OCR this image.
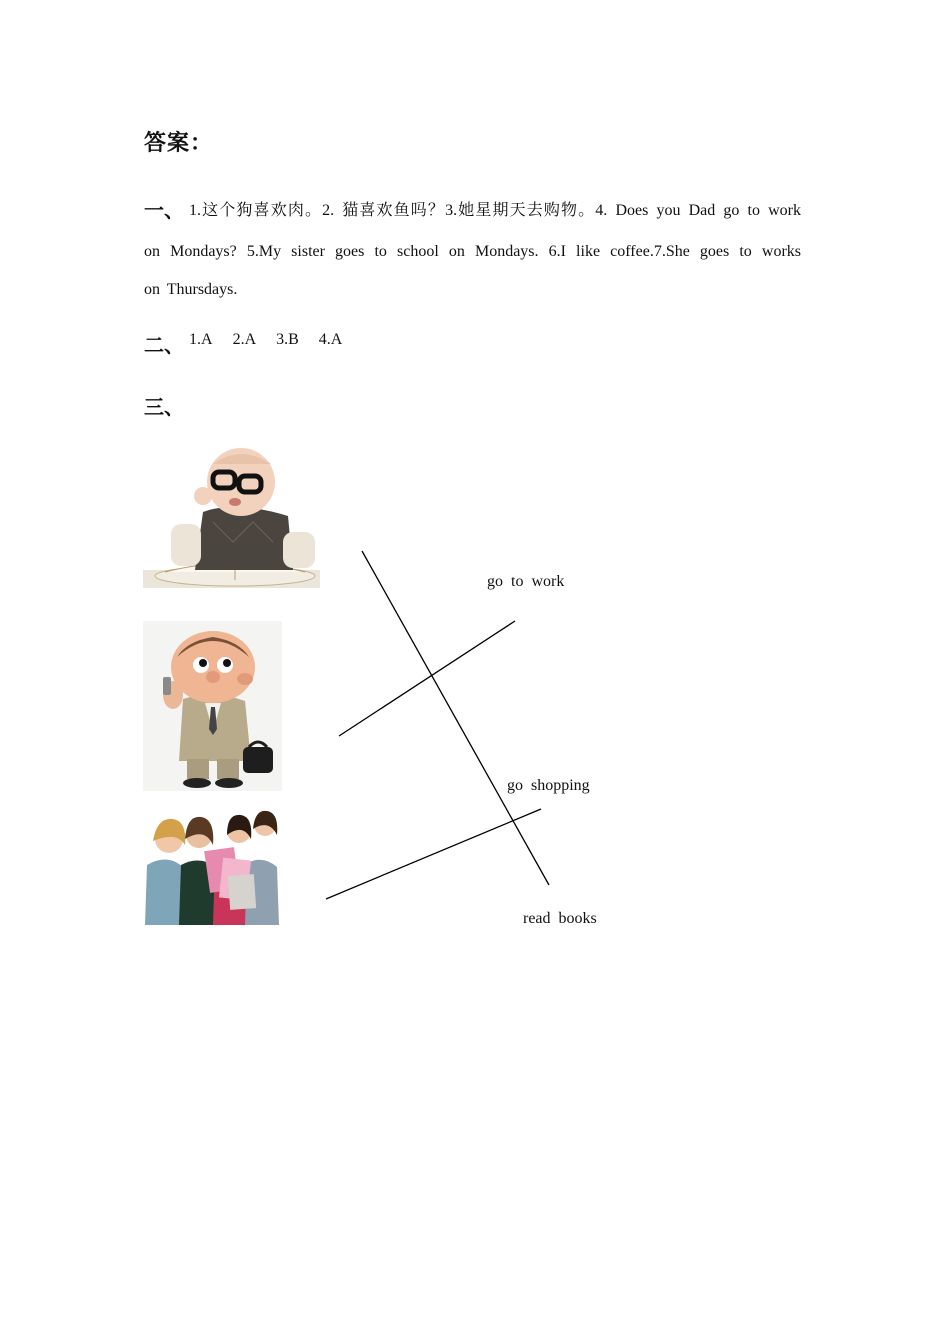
答案：
一、 1.这个狗喜欢肉。2. 猫喜欢鱼吗？3.她星期天去购物。4. Does you Dad go to work
on Mondays? 5.My sister goes to school on Mondays. 6.I like coffee.7.She goes to works
on Thursdays.
二、 1.A 2.A 3.B 4.A
三、
go to work
go shopping
read books
